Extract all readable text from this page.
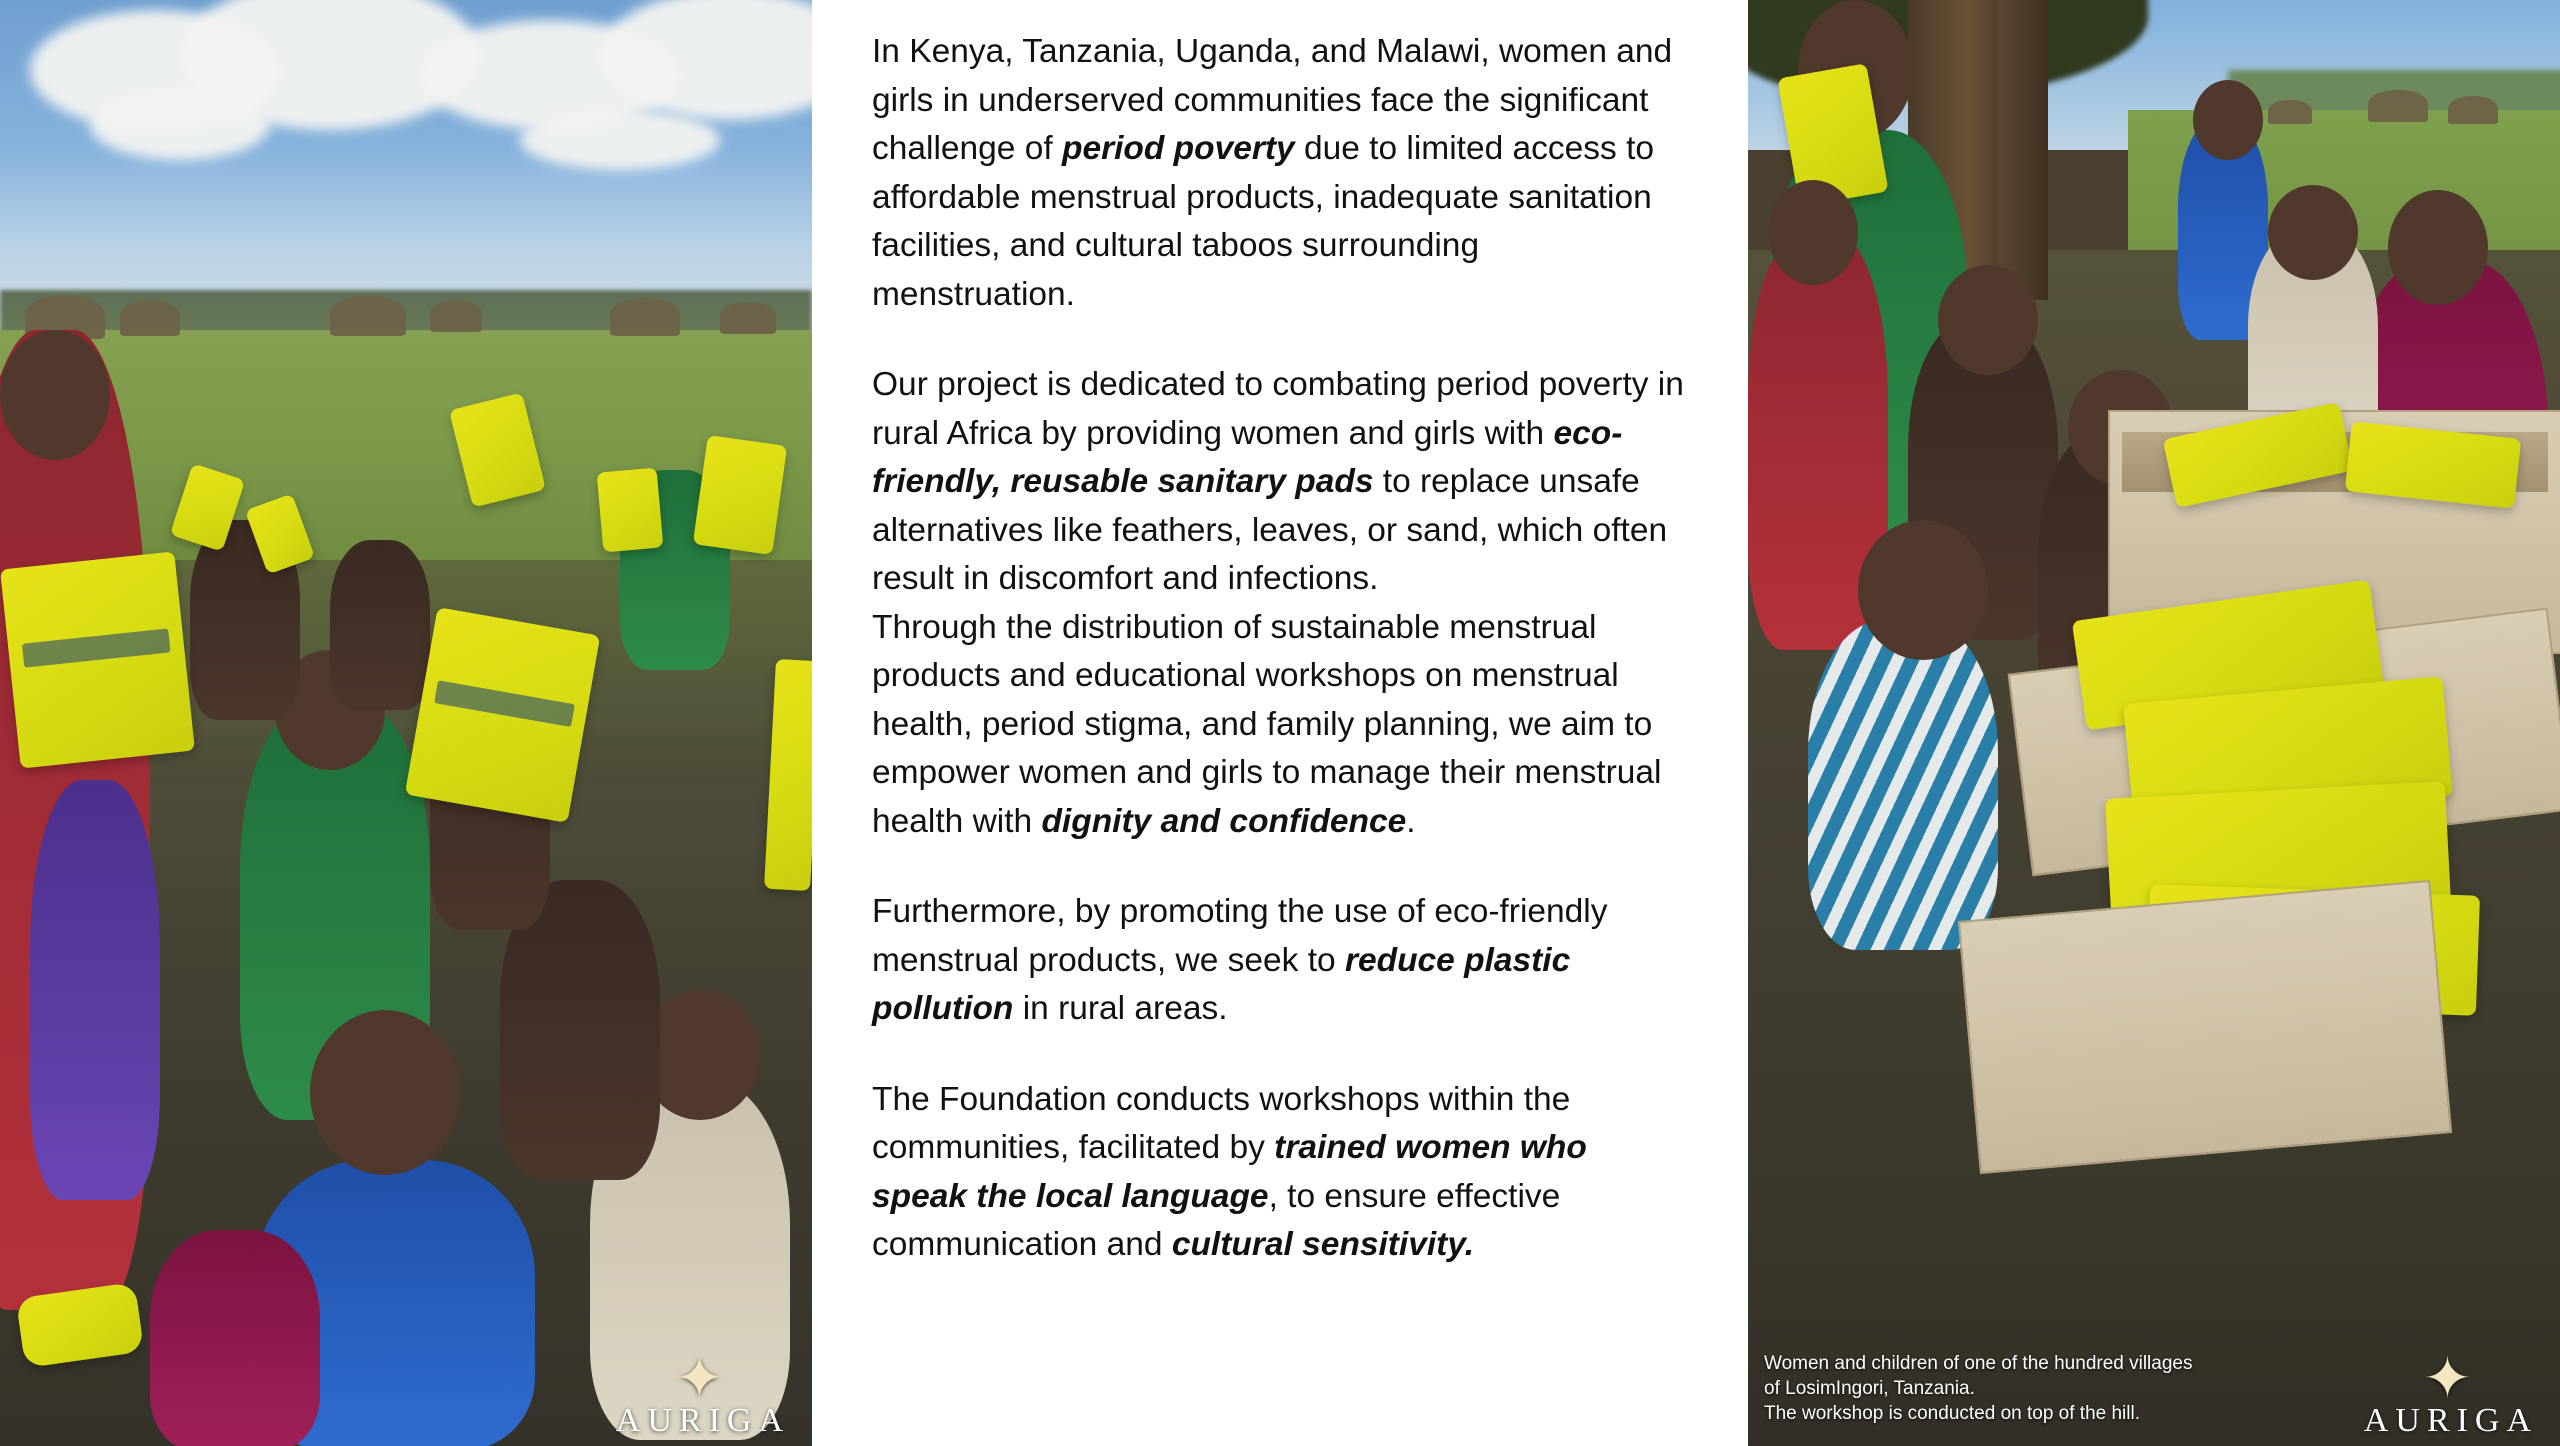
✦
AURIGA

In Kenya, Tanzania, Uganda, and Malawi, women and girls in underserved communities face the significant challenge of period poverty due to limited access to affordable menstrual products, inadequate sanitation facilities, and cultural taboos surrounding menstruation.

Our project is dedicated to combating period poverty in rural Africa by providing women and girls with eco-friendly, reusable sanitary pads to replace unsafe alternatives like feathers, leaves, or sand, which often result in discomfort and infections.

Through the distribution of sustainable menstrual products and educational workshops on menstrual health, period stigma, and family planning, we aim to empower women and girls to manage their menstrual health with dignity and confidence.

Furthermore, by promoting the use of eco-friendly menstrual products, we seek to reduce plastic pollution in rural areas.

The Foundation conducts workshops within the communities, facilitated by trained women who speak the local language, to ensure effective communication and cultural sensitivity.

Women and children of one of the hundred villages
of LosimIngori, Tanzania.
The workshop is conducted on top of the hill.
✦
AURIGA
